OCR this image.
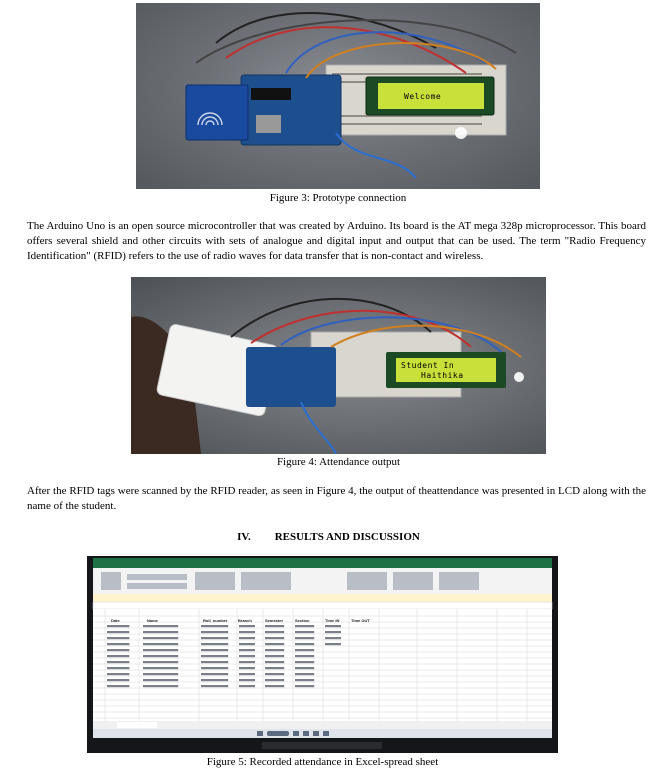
Welcome
Figure 3: Prototype connection
The Arduino Uno is an open source microcontroller that was created by Arduino. Its board is the AT mega 328p microprocessor. This board offers several shield and other circuits with sets of analogue and digital input and output that can be used. The term "Radio Frequency Identification" (RFID) refers to the use of radio waves for data transfer that is non-contact and wireless.
Student In
Haithika
Figure 4: Attendance output
After the RFID tags were scanned by the RFID reader, as seen in Figure 4, the output of theattendance was presented in LCD along with the name of the student.
IV. RESULTS AND DISCUSSION
Date	Name	Roll_number	Branch	Semester	Section	Time IN	Time OUT
Figure 5: Recorded attendance in Excel-spread sheet
